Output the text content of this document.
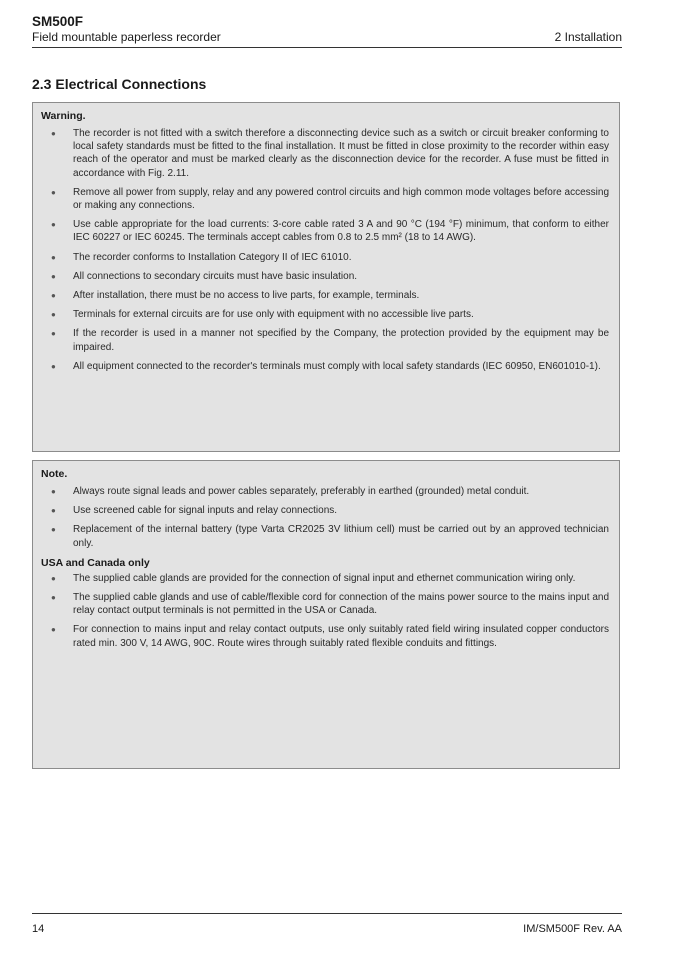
SM500F
Field mountable paperless recorder	2 Installation
2.3 Electrical Connections
Warning.
● The recorder is not fitted with a switch therefore a disconnecting device such as a switch or circuit breaker conforming to local safety standards must be fitted to the final installation. It must be fitted in close proximity to the recorder within easy reach of the operator and must be marked clearly as the disconnection device for the recorder. A fuse must be fitted in accordance with Fig. 2.11.
● Remove all power from supply, relay and any powered control circuits and high common mode voltages before accessing or making any connections.
● Use cable appropriate for the load currents: 3-core cable rated 3 A and 90 °C (194 °F) minimum, that conform to either IEC 60227 or IEC 60245. The terminals accept cables from 0.8 to 2.5 mm² (18 to 14 AWG).
● The recorder conforms to Installation Category II of IEC 61010.
● All connections to secondary circuits must have basic insulation.
● After installation, there must be no access to live parts, for example, terminals.
● Terminals for external circuits are for use only with equipment with no accessible live parts.
● If the recorder is used in a manner not specified by the Company, the protection provided by the equipment may be impaired.
● All equipment connected to the recorder's terminals must comply with local safety standards (IEC 60950, EN601010-1).
Note.
● Always route signal leads and power cables separately, preferably in earthed (grounded) metal conduit.
● Use screened cable for signal inputs and relay connections.
● Replacement of the internal battery (type Varta CR2025 3V lithium cell) must be carried out by an approved technician only.
USA and Canada only
● The supplied cable glands are provided for the connection of signal input and ethernet communication wiring only.
● The supplied cable glands and use of cable/flexible cord for connection of the mains power source to the mains input and relay contact output terminals is not permitted in the USA or Canada.
● For connection to mains input and relay contact outputs, use only suitably rated field wiring insulated copper conductors rated min. 300 V, 14 AWG, 90C. Route wires through suitably rated flexible conduits and fittings.
14	IM/SM500F Rev. AA
